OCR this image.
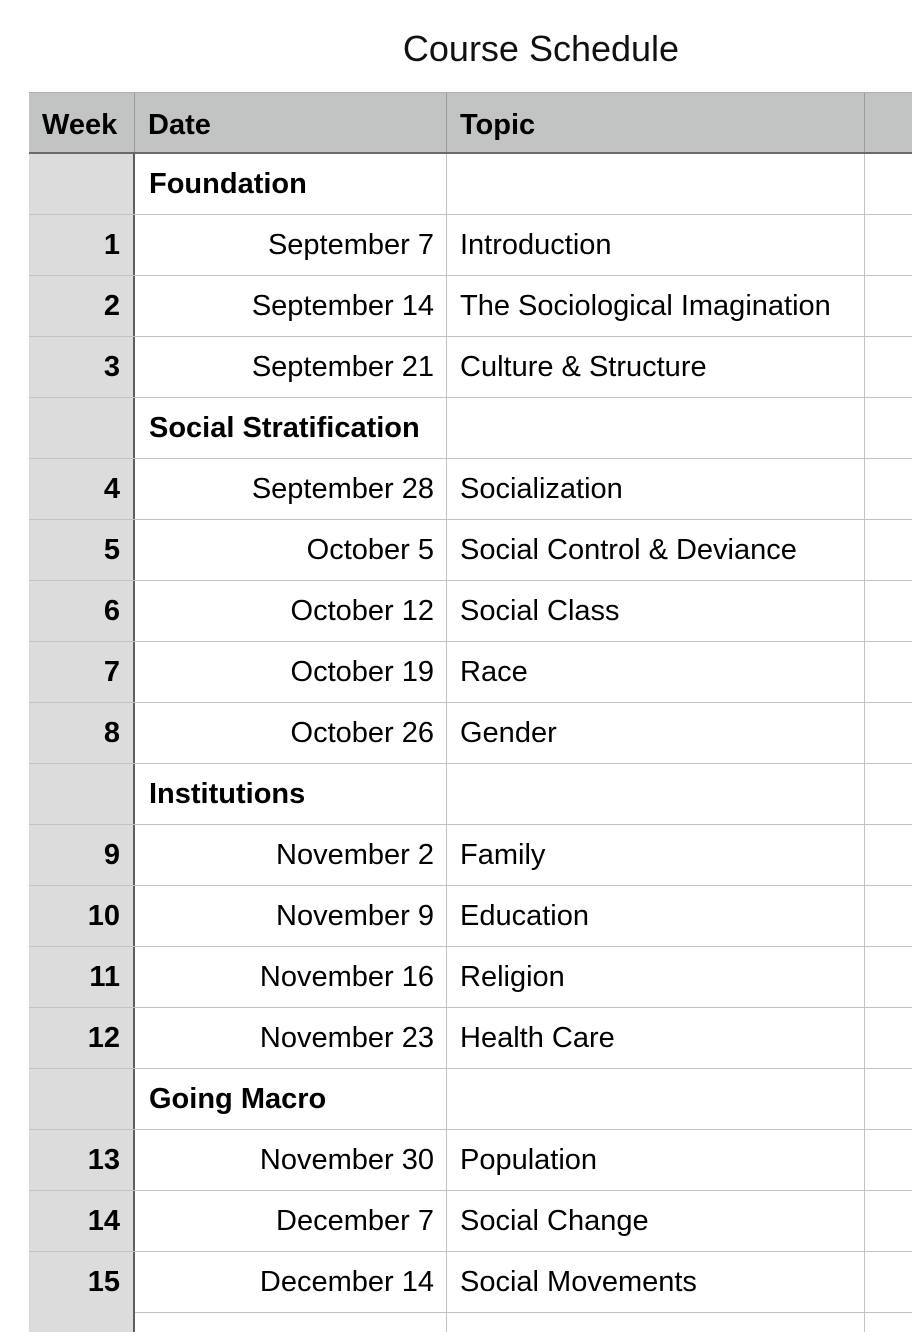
Course Schedule
Week	Date	Topic
Foundation
1	September 7 Introduction
2	September 14 The Sociological Imagination
3	September 21 Culture & Structure
Social Stratification
4	September 28 Socialization
5	October 5 Social Control & Deviance
6	October 12 Social Class
7	October 19 Race
8	October 26 Gender
Institutions
9	November 2 Family
10	November 9 Education
11	November 16 Religion
12	November 23 Health Care
Going Macro
13	November 30 Population
14	December 7 Social Change
15	December 14 Social Movements
